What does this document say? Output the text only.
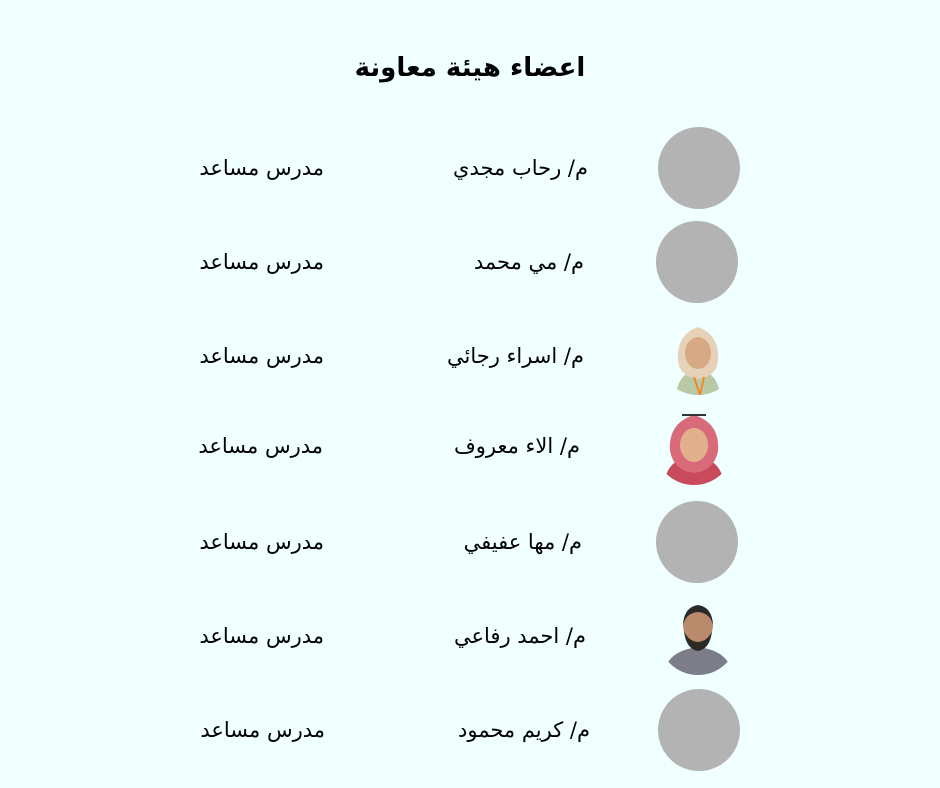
اعضاء هيئة معاونة
م/ رحاب مجدي
مدرس مساعد
م/ مي محمد
مدرس مساعد
م/ اسراء رجائي
مدرس مساعد
م/ الاء معروف
مدرس مساعد
م/ مها عفيفي
مدرس مساعد
م/ احمد رفاعي
مدرس مساعد
م/ كريم محمود
مدرس مساعد
